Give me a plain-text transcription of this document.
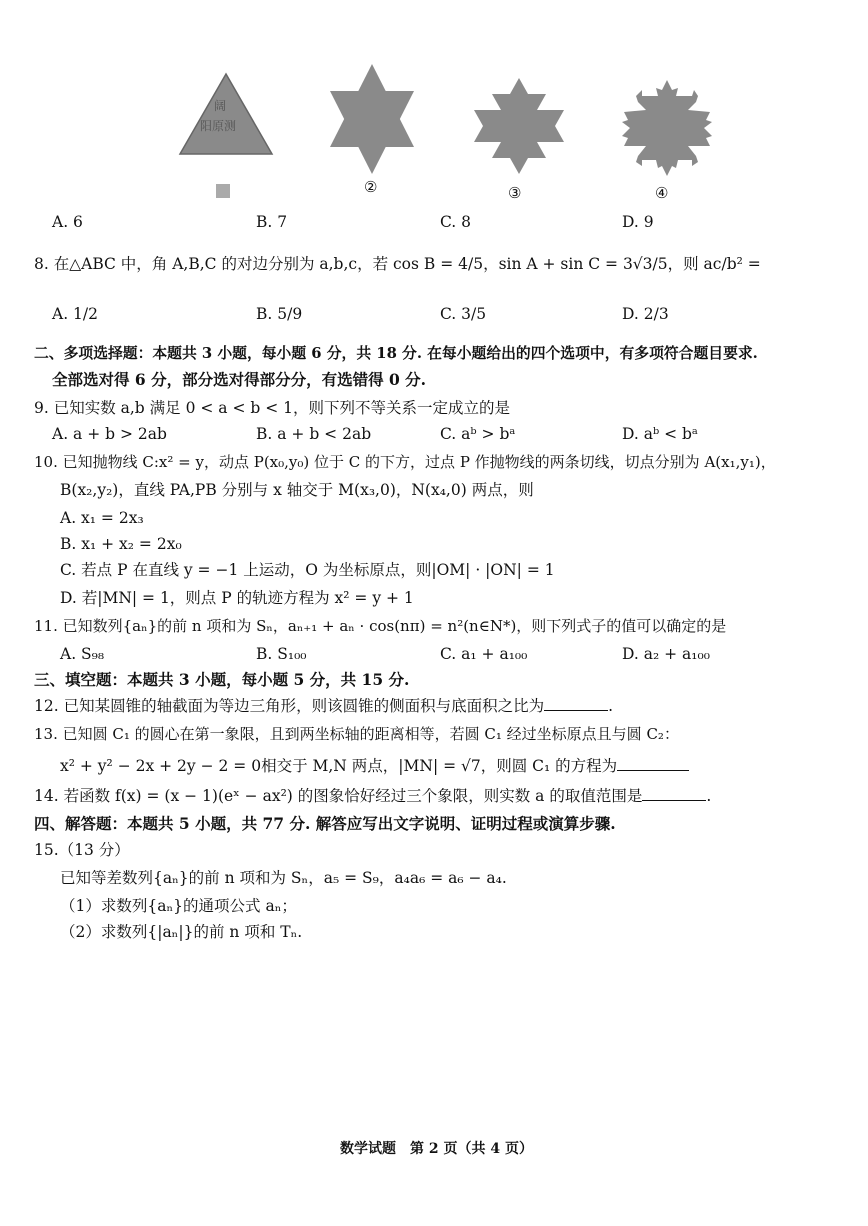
阔
阳原测
②	③	④
A. 6	B. 7	C. 8	D. 9
8. 在△ABC 中，角 A,B,C 的对边分别为 a,b,c，若 cos B = 4/5，sin A + sin C = 3√3/5，则 ac/b² =
A. 1/2	B. 5/9	C. 3/5	D. 2/3
二、多项选择题：本题共 3 小题，每小题 6 分，共 18 分. 在每小题给出的四个选项中，有多项符合题目要求.
全部选对得 6 分，部分选对得部分分，有选错得 0 分.
9. 已知实数 a,b 满足 0 < a < b < 1，则下列不等关系一定成立的是
A. a + b > 2ab	B. a + b < 2ab	C. aᵇ > bᵃ	D. aᵇ < bᵃ
10. 已知抛物线 C:x² = y，动点 P(x₀,y₀) 位于 C 的下方，过点 P 作抛物线的两条切线，切点分别为 A(x₁,y₁)，
B(x₂,y₂)，直线 PA,PB 分别与 x 轴交于 M(x₃,0)，N(x₄,0) 两点，则
A. x₁ = 2x₃
B. x₁ + x₂ = 2x₀
C. 若点 P 在直线 y = −1 上运动，O 为坐标原点，则|OM| · |ON| = 1
D. 若|MN| = 1，则点 P 的轨迹方程为 x² = y + 1
11. 已知数列{aₙ}的前 n 项和为 Sₙ，aₙ₊₁ + aₙ · cos(nπ) = n²(n∈N*)，则下列式子的值可以确定的是
A. S₉₈	B. S₁₀₀	C. a₁ + a₁₀₀	D. a₂ + a₁₀₀
三、填空题：本题共 3 小题，每小题 5 分，共 15 分.
12. 已知某圆锥的轴截面为等边三角形，则该圆锥的侧面积与底面积之比为	.
13. 已知圆 C₁ 的圆心在第一象限，且到两坐标轴的距离相等，若圆 C₁ 经过坐标原点且与圆 C₂：
x² + y² − 2x + 2y − 2 = 0相交于 M,N 两点，|MN| = √7，则圆 C₁ 的方程为
14. 若函数 f(x) = (x − 1)(eˣ − ax²) 的图象恰好经过三个象限，则实数 a 的取值范围是	.
四、解答题：本题共 5 小题，共 77 分. 解答应写出文字说明、证明过程或演算步骤.
15.（13 分）
已知等差数列{aₙ}的前 n 项和为 Sₙ，a₅ = S₉，a₄a₆ = a₆ − a₄.
（1）求数列{aₙ}的通项公式 aₙ；
（2）求数列{|aₙ|}的前 n 项和 Tₙ.
数学试题　第 2 页（共 4 页）
